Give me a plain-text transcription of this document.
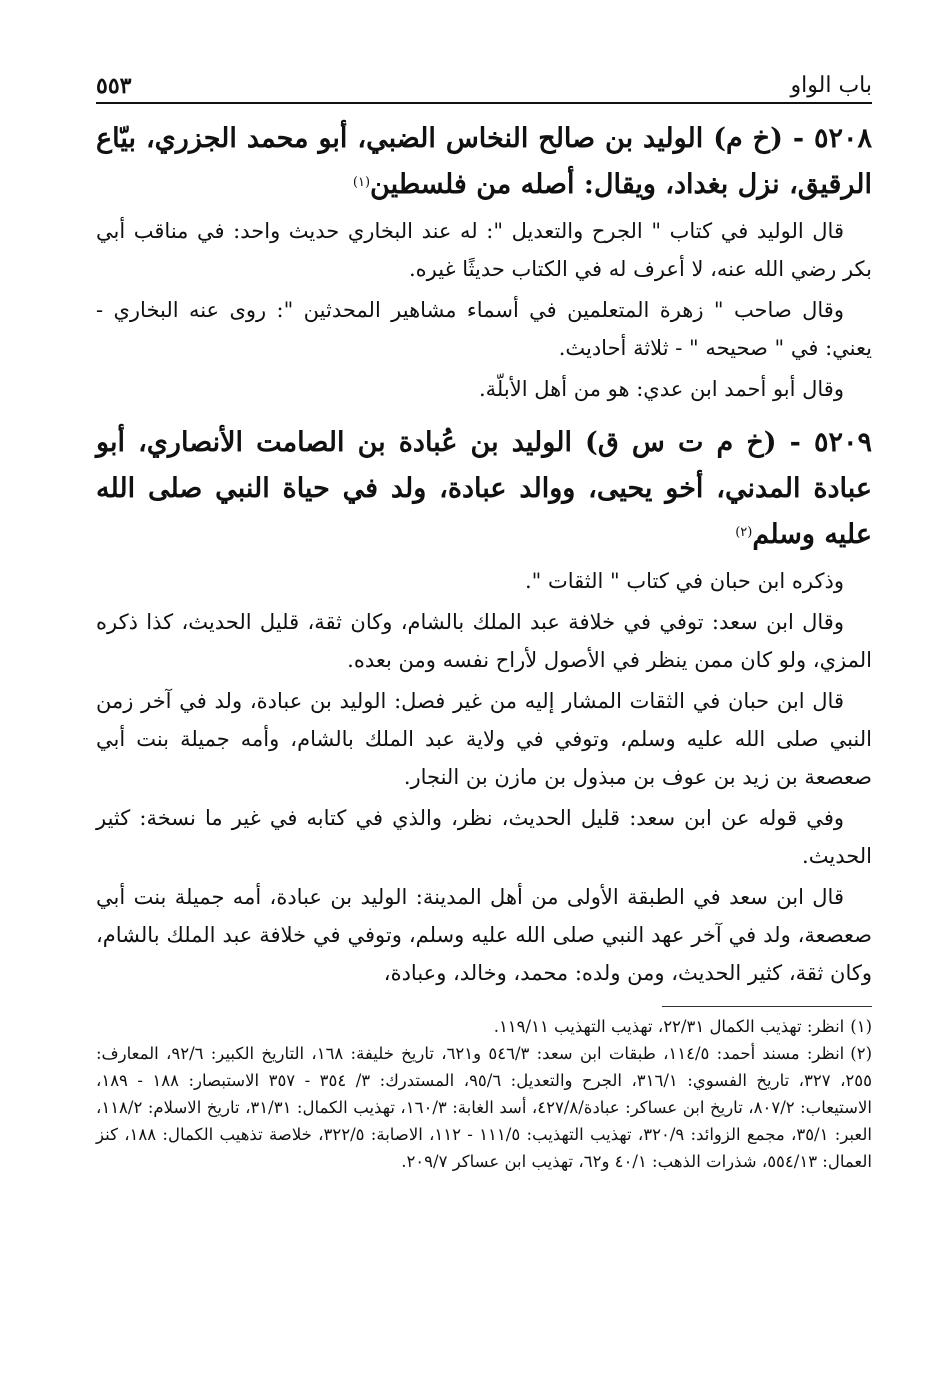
باب الواو
٥٥٣
٥٢٠٨ - (خ م) الوليد بن صالح النخاس الضبي، أبو محمد الجزري، بيّاع الرقيق، نزل بغداد، ويقال: أصله من فلسطين$^{(١)}$

قال الوليد في كتاب " الجرح والتعديل ": له عند البخاري حديث واحد: في مناقب أبي بكر رضي الله عنه، لا أعرف له في الكتاب حديثًا غيره.

وقال صاحب " زهرة المتعلمين في أسماء مشاهير المحدثين ": روى عنه البخاري - يعني: في " صحيحه " - ثلاثة أحاديث.

وقال أبو أحمد ابن عدي: هو من أهل الأبلّة.

٥٢٠٩ - (خ م ت س ق) الوليد بن عُبادة بن الصامت الأنصاري، أبو عبادة المدني، أخو يحيى، ووالد عبادة، ولد في حياة النبي صلى الله عليه وسلم$^{(٢)}$

وذكره ابن حبان في كتاب " الثقات ".

وقال ابن سعد: توفي في خلافة عبد الملك بالشام، وكان ثقة، قليل الحديث، كذا ذكره المزي، ولو كان ممن ينظر في الأصول لأراح نفسه ومن بعده.

قال ابن حبان في الثقات المشار إليه من غير فصل: الوليد بن عبادة، ولد في آخر زمن النبي صلى الله عليه وسلم، وتوفي في ولاية عبد الملك بالشام، وأمه جميلة بنت أبي صعصعة بن زيد بن عوف بن مبذول بن مازن بن النجار.

وفي قوله عن ابن سعد: قليل الحديث، نظر، والذي في كتابه في غير ما نسخة: كثير الحديث.

قال ابن سعد في الطبقة الأولى من أهل المدينة: الوليد بن عبادة، أمه جميلة بنت أبي صعصعة، ولد في آخر عهد النبي صلى الله عليه وسلم، وتوفي في خلافة عبد الملك بالشام، وكان ثقة، كثير الحديث، ومن ولده: محمد، وخالد، وعبادة،

(١)انظر: تهذيب الكمال ٢٢/٣١، تهذيب التهذيب ١١٩/١١.

(٢)انظر: مسند أحمد: ١١٤/٥، طبقات ابن سعد: ٥٤٦/٣ و٦٢١، تاريخ خليفة: ١٦٨، التاريخ الكبير: ٩٢/٦، المعارف: ٢٥٥، ٣٢٧، تاريخ الفسوي: ٣١٦/١، الجرح والتعديل: ٩٥/٦، المستدرك: ٣/ ٣٥٤ - ٣٥٧ الاستبصار: ١٨٨ - ١٨٩، الاستيعاب: ٨٠٧/٢، تاريخ ابن عساكر: عبادة/٤٢٧/٨، أسد الغابة: ١٦٠/٣، تهذيب الكمال: ٣١/٣١، تاريخ الاسلام: ١١٨/٢، العبر: ٣٥/١، مجمع الزوائد: ٣٢٠/٩، تهذيب التهذيب: ١١١/٥ - ١١٢، الاصابة: ٣٢٢/٥، خلاصة تذهيب الكمال: ١٨٨، كنز العمال: ٥٥٤/١٣، شذرات الذهب: ٤٠/١ و٦٢، تهذيب ابن عساكر ٢٠٩/٧.
